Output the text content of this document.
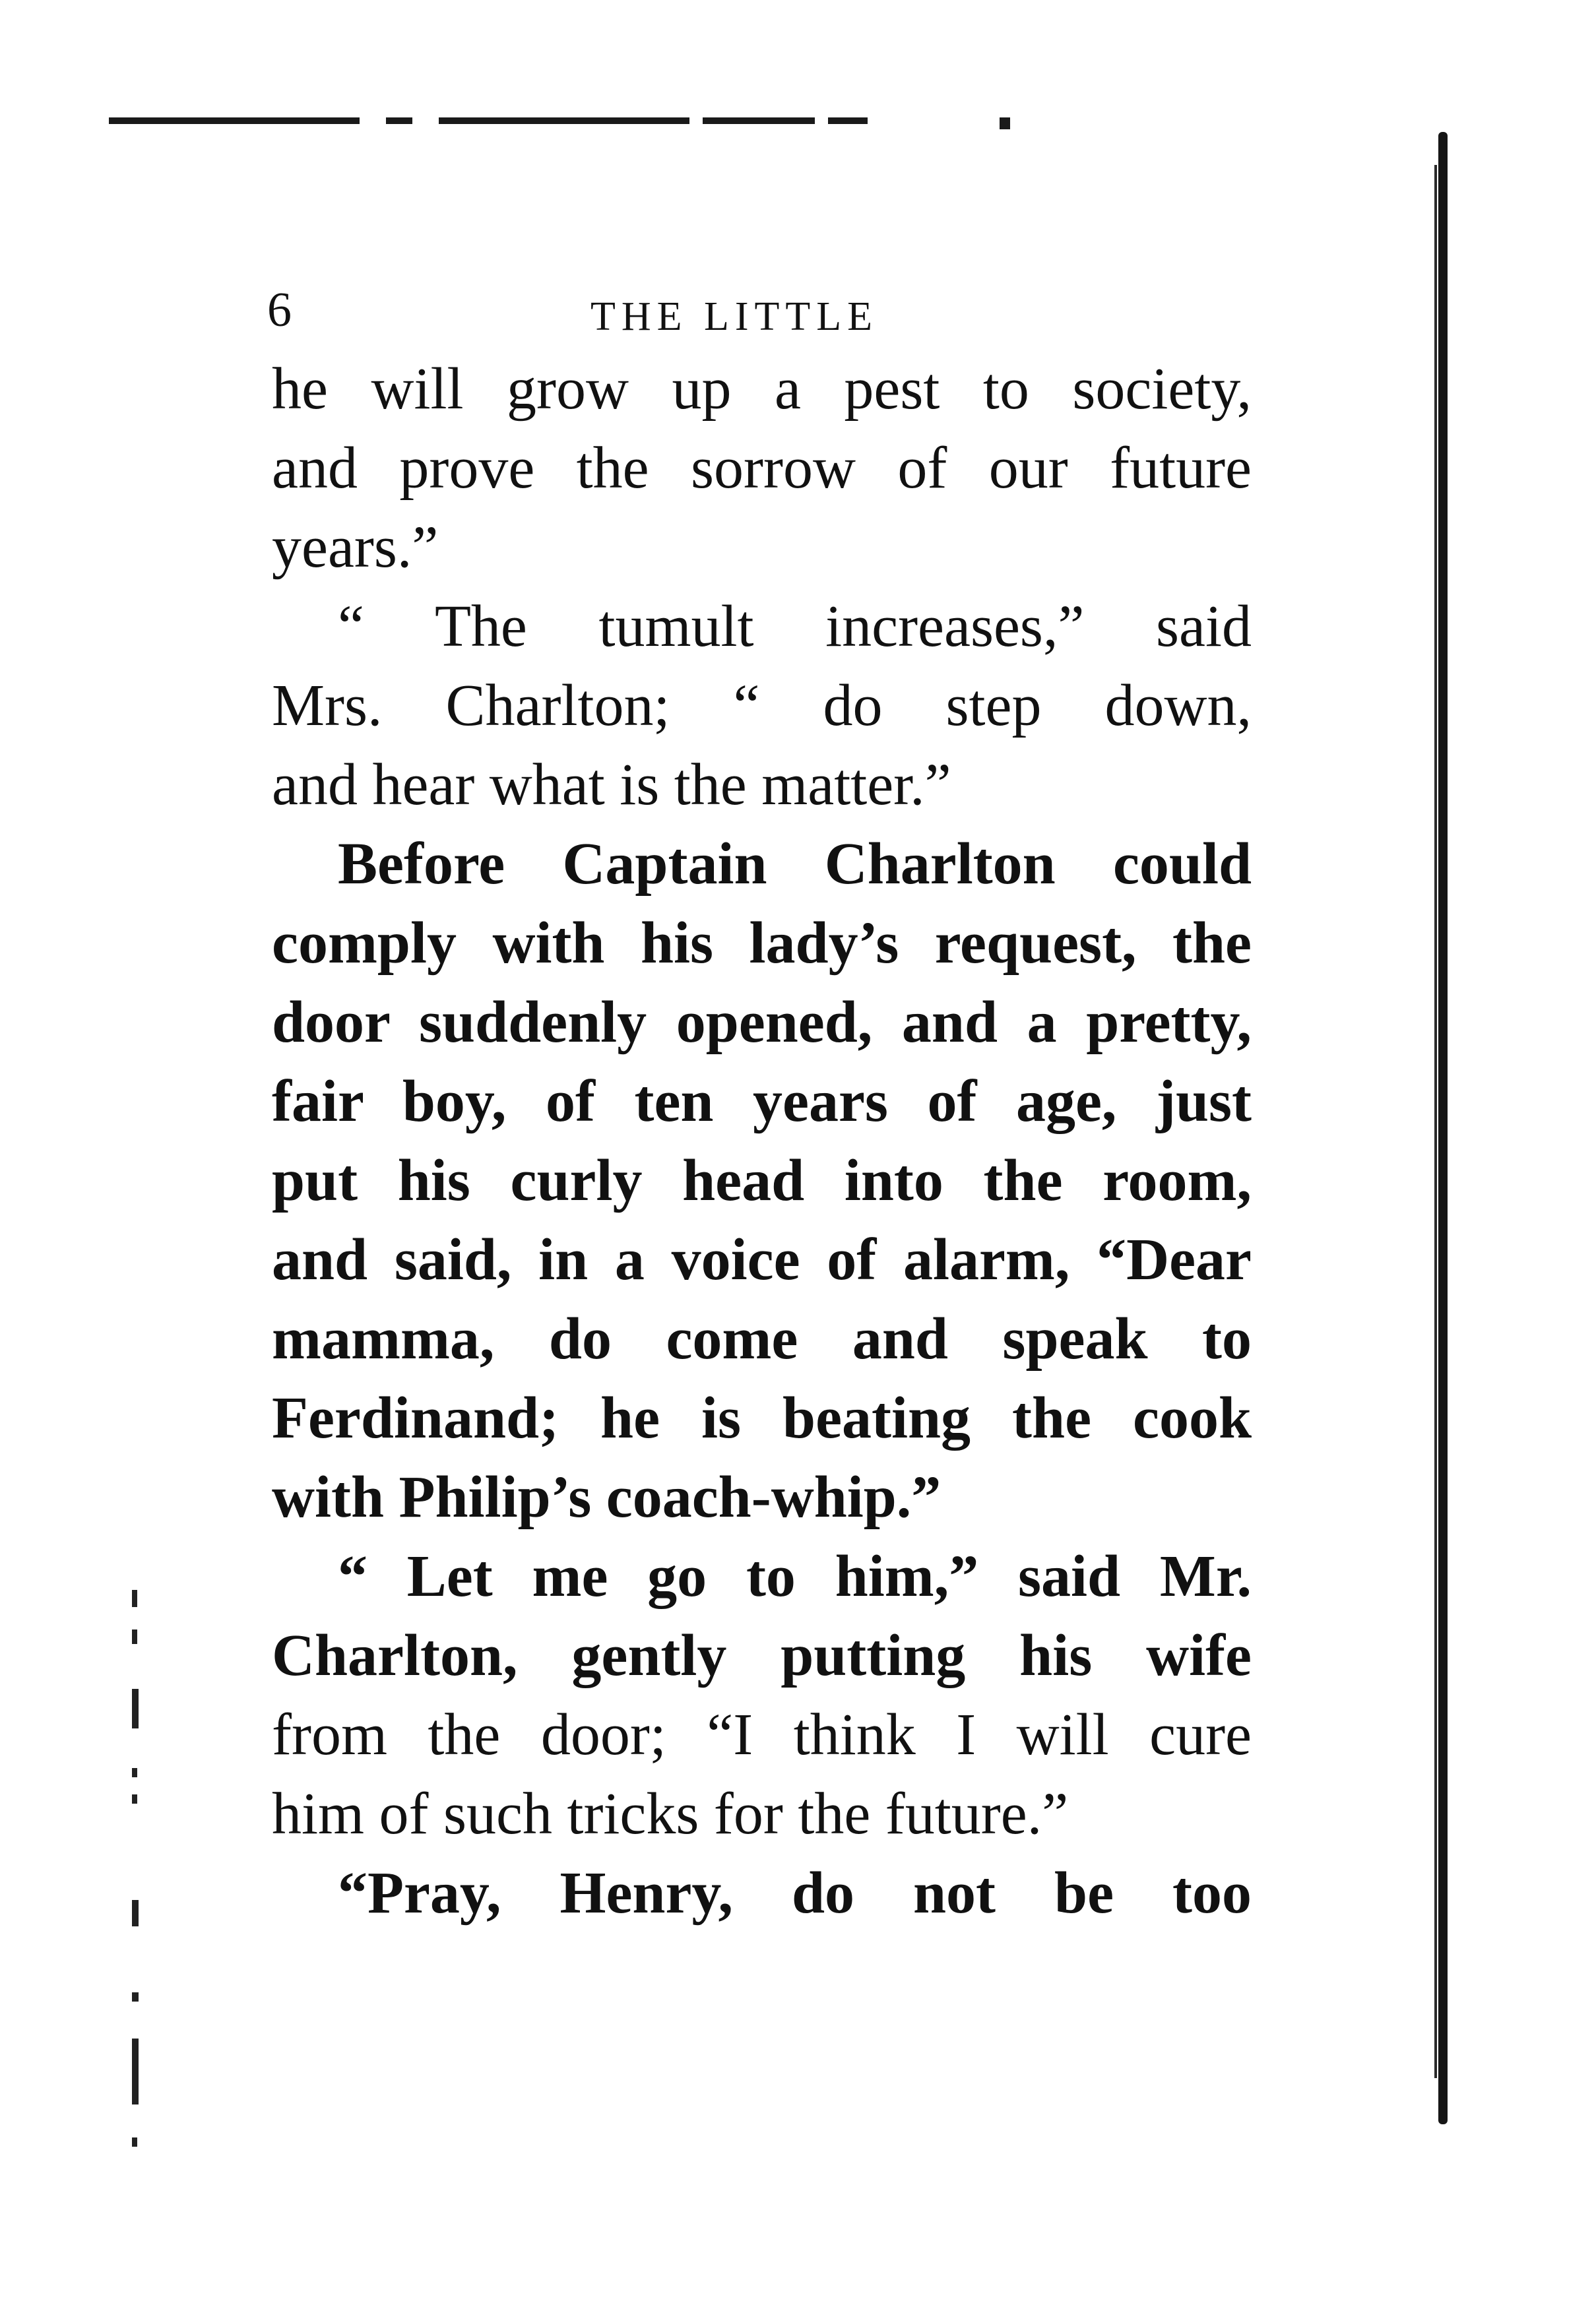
6	THE LITTLE
he will grow up a pest to society,
and prove the sorrow of our future
years.”
“ The tumult increases,” said
Mrs. Charlton; “ do step down,
and hear what is the matter.”
Before Captain Charlton could
comply with his lady’s request, the
door suddenly opened, and a pretty,
fair boy, of ten years of age, just
put his curly head into the room,
and said, in a voice of alarm, “Dear
mamma, do come and speak to
Ferdinand; he is beating the cook
with Philip’s coach-whip.”
“ Let me go to him,” said Mr.
Charlton, gently putting his wife
from the door; “I think I will cure
him of such tricks for the future.”
“Pray, Henry, do not be too
